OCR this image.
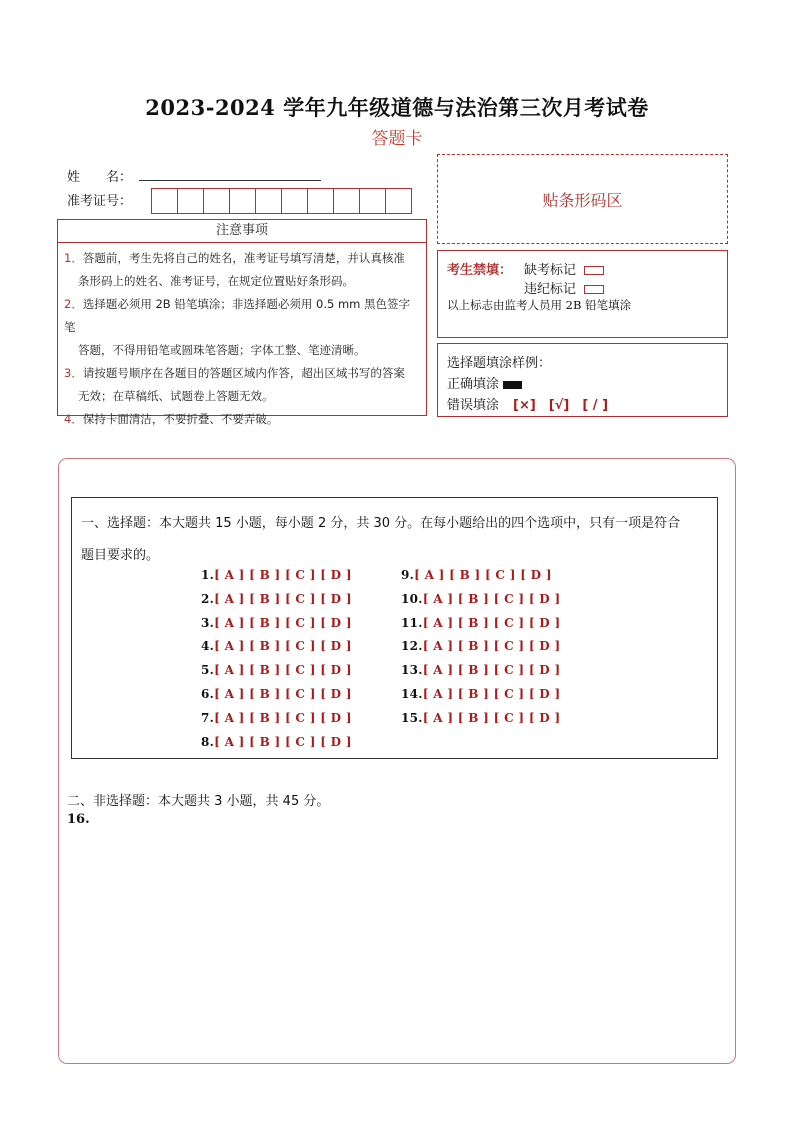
2023-2024 学年九年级道德与法治第三次月考试卷
答题卡
姓　　名：
准考证号：	贴条形码区
注意事项
1．答题前，考生先将自己的姓名，准考证号填写清楚，并认真核准
条形码上的姓名、准考证号，在规定位置贴好条形码。
2．选择题必须用 2B 铅笔填涂；非选择题必须用 0.5 mm 黑色签字笔
答题，不得用铅笔或圆珠笔答题；字体工整、笔迹清晰。
3．请按题号顺序在各题目的答题区域内作答，超出区域书写的答案
无效；在草稿纸、试题卷上答题无效。
4．保持卡面清洁，不要折叠、不要弄破。
考生禁填： 缺考标记
违纪标记
以上标志由监考人员用 2B 铅笔填涂
选择题填涂样例：
正确填涂
错误填涂 [×]　[√]　[ / ]
一、选择题：本大题共 15 小题，每小题 2 分，共 30 分。在每小题给出的四个选项中，只有一项是符合
题目要求的。
1.[ A ] [ B ] [ C ] [ D ]
2.[ A ] [ B ] [ C ] [ D ]
3.[ A ] [ B ] [ C ] [ D ]
4.[ A ] [ B ] [ C ] [ D ]
5.[ A ] [ B ] [ C ] [ D ]
6.[ A ] [ B ] [ C ] [ D ]
7.[ A ] [ B ] [ C ] [ D ]
8.[ A ] [ B ] [ C ] [ D ]
9.[ A ] [ B ] [ C ] [ D ]
10.[ A ] [ B ] [ C ] [ D ]
11.[ A ] [ B ] [ C ] [ D ]
12.[ A ] [ B ] [ C ] [ D ]
13.[ A ] [ B ] [ C ] [ D ]
14.[ A ] [ B ] [ C ] [ D ]
15.[ A ] [ B ] [ C ] [ D ]
二、非选择题：本大题共 3 小题，共 45 分。
16.
